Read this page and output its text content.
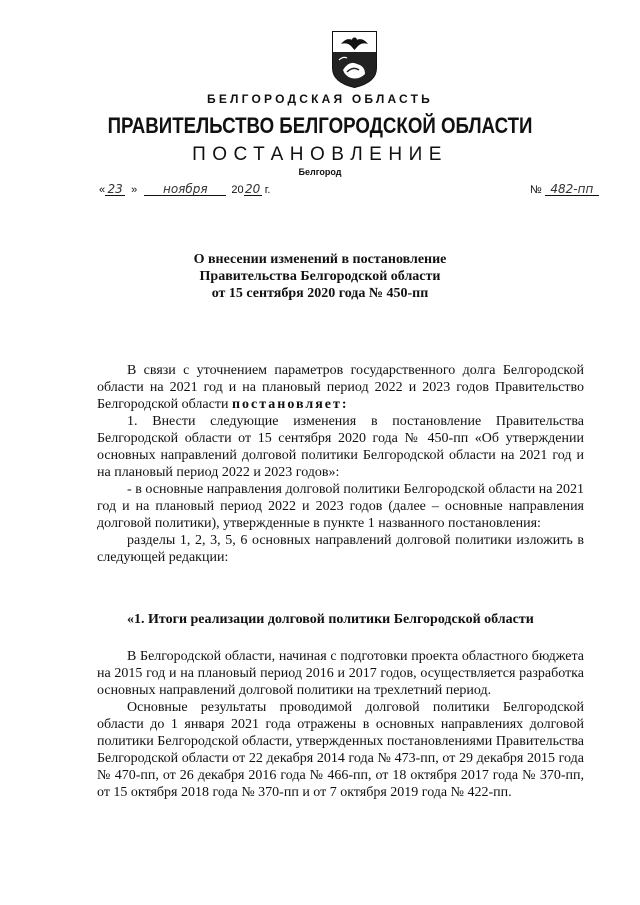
БЕЛГОРОДСКАЯ ОБЛАСТЬ
ПРАВИТЕЛЬСТВО БЕЛГОРОДСКОЙ ОБЛАСТИ
ПОСТАНОВЛЕНИЕ
Белгород
« 23 » ноября 2020 г.	№ 482-пп
О внесении изменений в постановление
Правительства Белгородской области
от 15 сентября 2020 года № 450-пп

В связи с уточнением параметров государственного долга Белгородской области на 2021 год и на плановый период 2022 и 2023 годов Правительство Белгородской области постановляет:

1. Внести следующие изменения в постановление Правительства Белгородской области от 15 сентября 2020 года № 450-пп «Об утверждении основных направлений долговой политики Белгородской области на 2021 год и на плановый период 2022 и 2023 годов»:

- в основные направления долговой политики Белгородской области на 2021 год и на плановый период 2022 и 2023 годов (далее – основные направления долговой политики), утвержденные в пункте 1 названного постановления:

разделы 1, 2, 3, 5, 6 основных направлений долговой политики изложить в следующей редакции:

«1. Итоги реализации долговой политики Белгородской области

В Белгородской области, начиная с подготовки проекта областного бюджета на 2015 год и на плановый период 2016 и 2017 годов, осуществляется разработка основных направлений долговой политики на трехлетний период.

Основные результаты проводимой долговой политики Белгородской области до 1 января 2021 года отражены в основных направлениях долговой политики Белгородской области, утвержденных постановлениями Правительства Белгородской области от 22 декабря 2014 года № 473-пп, от 29 декабря 2015 года № 470-пп, от 26 декабря 2016 года № 466-пп, от 18 октября 2017 года № 370-пп, от 15 октября 2018 года № 370-пп и от 7 октября 2019 года № 422-пп.
